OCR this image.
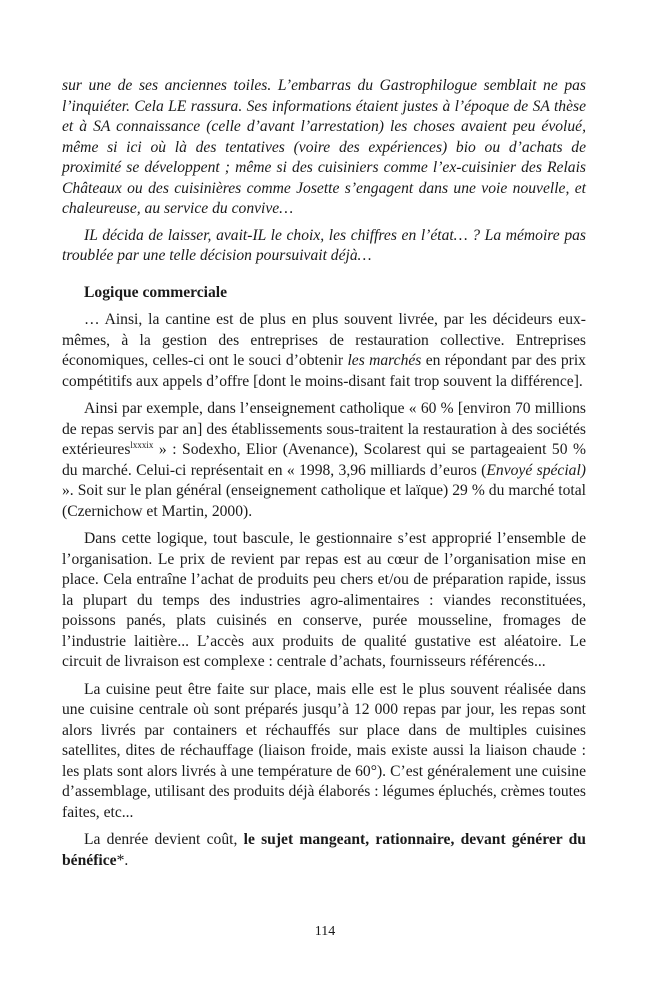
sur une de ses anciennes toiles. L’embarras du Gastrophilogue semblait ne pas l’inquiéter. Cela LE rassura. Ses informations étaient justes à l’époque de SA thèse et à SA connaissance (celle d’avant l’arrestation) les choses avaient peu évolué, même si ici où là des tentatives (voire des expériences) bio ou d’achats de proximité se développent ; même si des cuisiniers comme l’ex-cuisinier des Relais Châteaux ou des cuisinières comme Josette s’engagent dans une voie nouvelle, et chaleureuse, au service du convive…

IL décida de laisser, avait-IL le choix, les chiffres en l’état… ? La mémoire pas troublée par une telle décision poursuivait déjà…

Logique commerciale

… Ainsi, la cantine est de plus en plus souvent livrée, par les décideurs eux-mêmes, à la gestion des entreprises de restauration collective. Entreprises économiques, celles-ci ont le souci d’obtenir les marchés en répondant par des prix compétitifs aux appels d’offre [dont le moins-disant fait trop souvent la différence].

Ainsi par exemple, dans l’enseignement catholique « 60 % [environ 70 millions de repas servis par an] des établissements sous-traitent la restauration à des sociétés extérieures$^{lxxxix}$ » : Sodexho, Elior (Avenance), Scolarest qui se partageaient 50 % du marché. Celui-ci représentait en « 1998, 3,96 milliards d’euros (Envoyé spécial) ». Soit sur le plan général (enseignement catholique et laïque) 29 % du marché total (Czernichow et Martin, 2000).

Dans cette logique, tout bascule, le gestionnaire s’est approprié l’ensemble de l’organisation. Le prix de revient par repas est au cœur de l’organisation mise en place. Cela entraîne l’achat de produits peu chers et/ou de préparation rapide, issus la plupart du temps des industries agro-alimentaires : viandes reconstituées, poissons panés, plats cuisinés en conserve, purée mousseline, fromages de l’industrie laitière... L’accès aux produits de qualité gustative est aléatoire. Le circuit de livraison est complexe : centrale d’achats, fournisseurs référencés...

La cuisine peut être faite sur place, mais elle est le plus souvent réalisée dans une cuisine centrale où sont préparés jusqu’à 12 000 repas par jour, les repas sont alors livrés par containers et réchauffés sur place dans de multiples cuisines satellites, dites de réchauffage (liaison froide, mais existe aussi la liaison chaude : les plats sont alors livrés à une température de 60°). C’est généralement une cuisine d’assemblage, utilisant des produits déjà élaborés : légumes épluchés, crèmes toutes faites, etc...

La denrée devient coût, le sujet mangeant, rationnaire, devant générer du bénéfice*.

114
